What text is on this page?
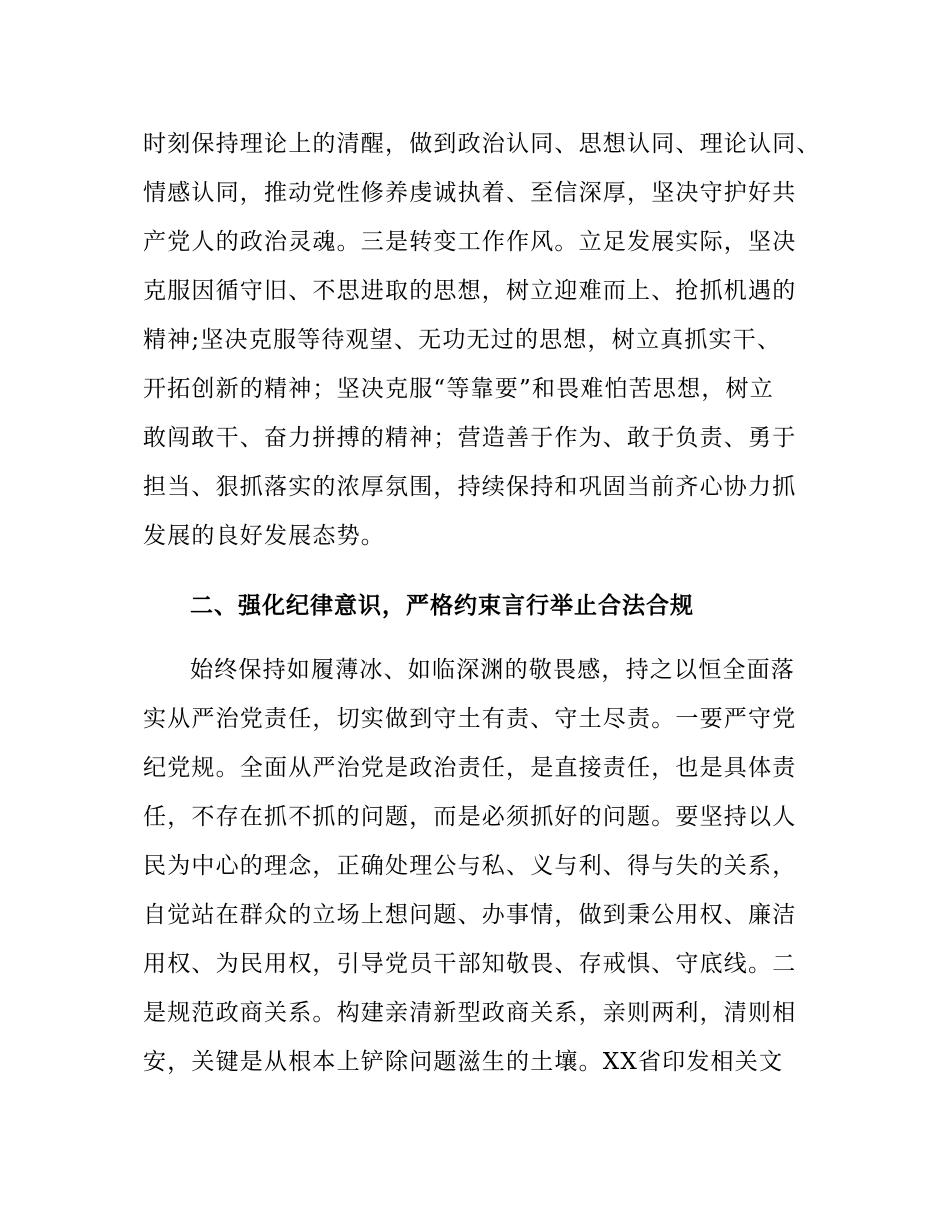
时刻保持理论上的清醒，做到政治认同、思想认同、理论认同、
情感认同，推动党性修养虔诚执着、至信深厚，坚决守护好共
产党人的政治灵魂。三是转变工作作风。立足发展实际，坚决
克服因循守旧、不思进取的思想，树立迎难而上、抢抓机遇的
精神;坚决克服等待观望、无功无过的思想，树立真抓实干、
开拓创新的精神；坚决克服“等靠要”和畏难怕苦思想，树立
敢闯敢干、奋力拼搏的精神；营造善于作为、敢于负责、勇于
担当、狠抓落实的浓厚氛围，持续保持和巩固当前齐心协力抓
发展的良好发展态势。
二、强化纪律意识，严格约束言行举止合法合规
始终保持如履薄冰、如临深渊的敬畏感，持之以恒全面落
实从严治党责任，切实做到守土有责、守土尽责。一要严守党
纪党规。全面从严治党是政治责任，是直接责任，也是具体责
任，不存在抓不抓的问题，而是必须抓好的问题。要坚持以人
民为中心的理念，正确处理公与私、义与利、得与失的关系，
自觉站在群众的立场上想问题、办事情，做到秉公用权、廉洁
用权、为民用权，引导党员干部知敬畏、存戒惧、守底线。二
是规范政商关系。构建亲清新型政商关系，亲则两利，清则相
安，关键是从根本上铲除问题滋生的土壤。XX省印发相关文
